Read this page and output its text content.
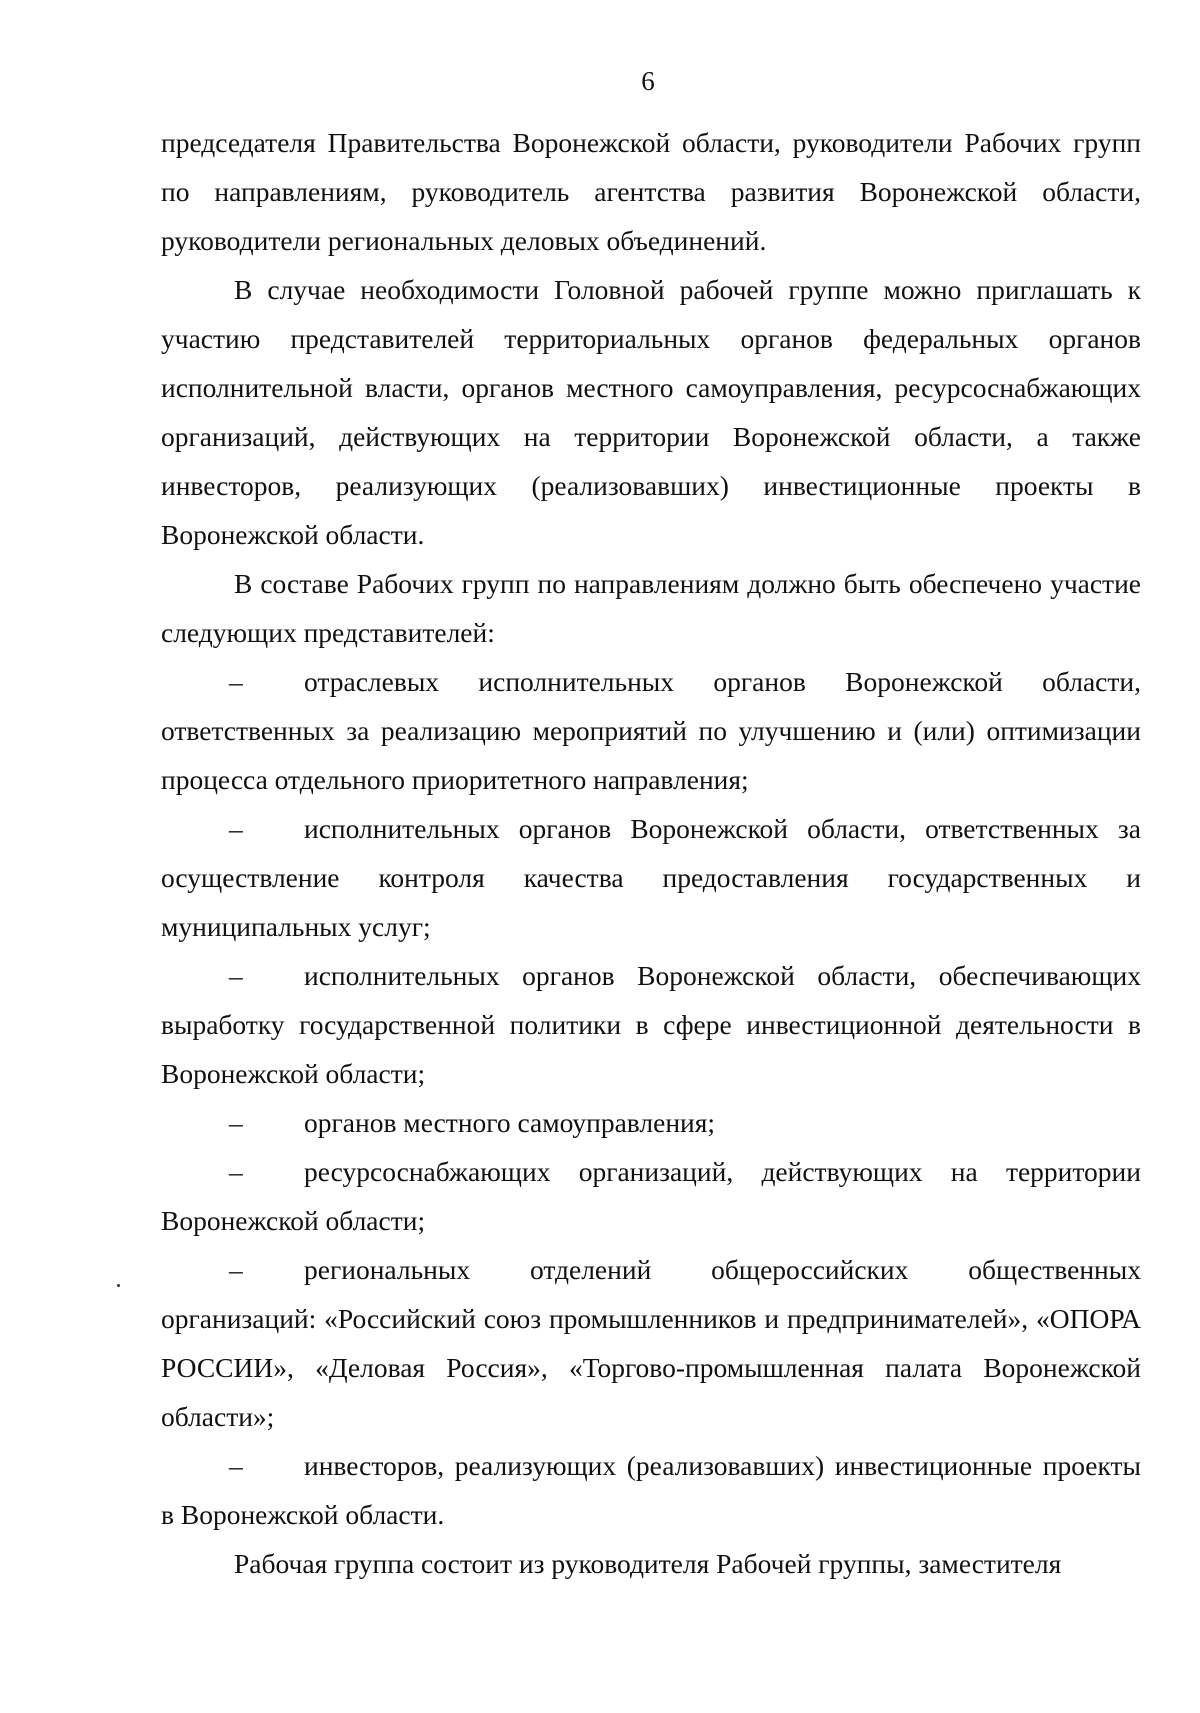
6

председателя Правительства Воронежской области, руководители Рабочих групп по направлениям, руководитель агентства развития Воронежской области, руководители региональных деловых объединений.

В случае необходимости Головной рабочей группе можно приглашать к участию представителей территориальных органов федеральных органов исполнительной власти, органов местного самоуправления, ресурсоснабжающих организаций, действующих на территории Воронежской области, а также инвесторов, реализующих (реализовавших) инвестиционные проекты в Воронежской области.

В составе Рабочих групп по направлениям должно быть обеспечено участие следующих представителей:

– отраслевых исполнительных органов Воронежской области, ответственных за реализацию мероприятий по улучшению и (или) оптимизации процесса отдельного приоритетного направления;

– исполнительных органов Воронежской области, ответственных за осуществление контроля качества предоставления государственных и муниципальных услуг;

– исполнительных органов Воронежской области, обеспечивающих выработку государственной политики в сфере инвестиционной деятельности в Воронежской области;

– органов местного самоуправления;

– ресурсоснабжающих организаций, действующих на территории Воронежской области;

– региональных отделений общероссийских общественных организаций: «Российский союз промышленников и предпринимателей», «ОПОРА РОССИИ», «Деловая Россия», «Торгово-промышленная палата Воронежской области»;

– инвесторов, реализующих (реализовавших) инвестиционные проекты в Воронежской области.

Рабочая группа состоит из руководителя Рабочей группы, заместителя
